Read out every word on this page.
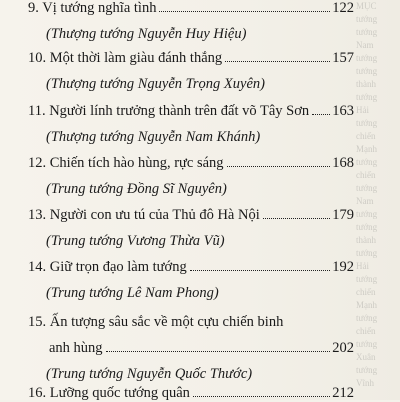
MỤC
tướng
tướng
Nam
tướng
tướng
thành
tướng
Hải
tướng
chiến
Mạnh
tướng
chiến
tướng
Nam
tướng
tướng
thành
tướng
Hải
tướng
chiến
Mạnh
tướng
chiến
tướng
Xuân
tướng
Vĩnh
9. Vị tướng nghĩa tình	122
(Thượng tướng Nguyễn Huy Hiệu)
10. Một thời làm giàu đánh thắng	157
(Thượng tướng Nguyễn Trọng Xuyên)
11. Người lính trưởng thành trên đất võ Tây Sơn 163
(Thượng tướng Nguyễn Nam Khánh)
12. Chiến tích hào hùng, rực sáng	168
(Trung tướng Đồng Sĩ Nguyên)
13. Người con ưu tú của Thủ đô Hà Nội	179
(Trung tướng Vương Thừa Vũ)
14. Giữ trọn đạo làm tướng	192
(Trung tướng Lê Nam Phong)
15. Ấn tượng sâu sắc về một cựu chiến binh
anh hùng	202
(Trung tướng Nguyễn Quốc Thước)
16. Lưỡng quốc tướng quân	212
